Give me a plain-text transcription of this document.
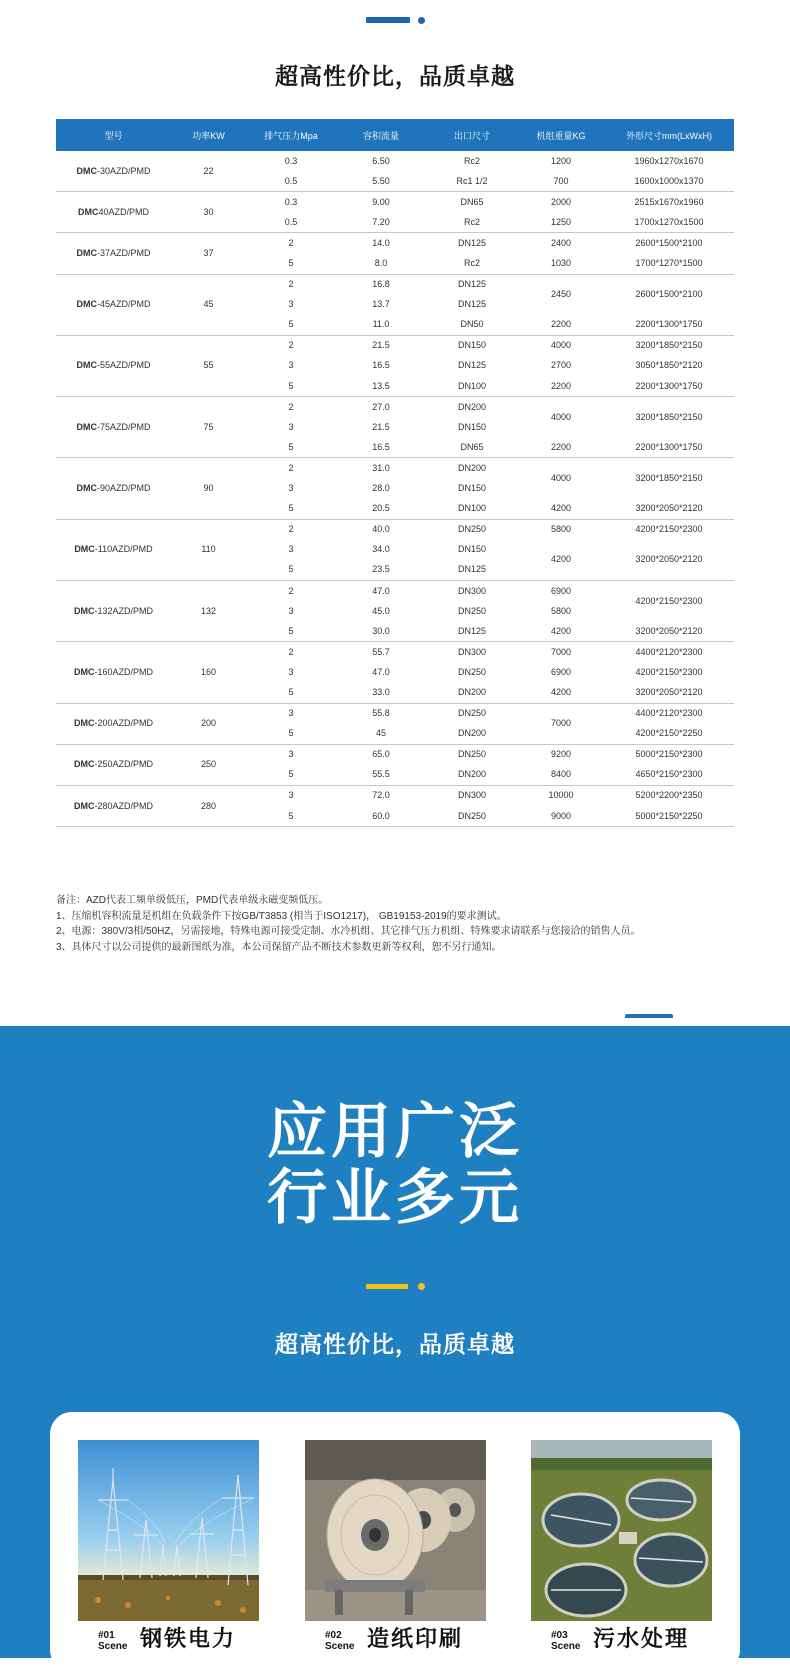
超高性价比，品质卓越
型号	功率KW	排气压力Mpa	容积流量	出口尺寸	机组重量KG	外形尺寸mm(LxWxH)
DMC-30AZD/PMD	22	0.3	6.50	Rc2	1200	1960x1270x1670
		0.5	5.50	Rc1 1/2	700	1600x1000x1370
DMC40AZD/PMD	30	0.3	9.00	DN65	2000	2515x1670x1960
		0.5	7.20	Rc2	1250	1700x1270x1500
DMC-37AZD/PMD	37	2	14.0	DN125	2400	2600*1500*2100
		5	8.0	Rc2	1030	1700*1270*1500
DMC-45AZD/PMD	45	2	16.8	DN125	2450	2600*1500*2100
		3	13.7	DN125		
		5	11.0	DN50	2200	2200*1300*1750
DMC-55AZD/PMD	55	2	21.5	DN150	4000	3200*1850*2150
		3	16.5	DN125	2700	3050*1850*2120
		5	13.5	DN100	2200	2200*1300*1750
DMC-75AZD/PMD	75	2	27.0	DN200	4000	3200*1850*2150
		3	21.5	DN150		
		5	16.5	DN65	2200	2200*1300*1750
DMC-90AZD/PMD	90	2	31.0	DN200	4000	3200*1850*2150
		3	28.0	DN150		
		5	20.5	DN100	4200	3200*2050*2120
DMC-110AZD/PMD	110	2	40.0	DN250	5800	4200*2150*2300
		3	34.0	DN150	4200	3200*2050*2120
		5	23.5	DN125		
DMC-132AZD/PMD	132	2	47.0	DN300	6900	4200*2150*2300
		3	45.0	DN250	5800	
		5	30.0	DN125	4200	3200*2050*2120
DMC-160AZD/PMD	160	2	55.7	DN300	7000	4400*2120*2300
		3	47.0	DN250	6900	4200*2150*2300
		5	33.0	DN200	4200	3200*2050*2120
DMC-200AZD/PMD	200	3	55.8	DN250	7000	4400*2120*2300
		5	45	DN200		4200*2150*2250
DMC-250AZD/PMD	250	3	65.0	DN250	9200	5000*2150*2300
		5	55.5	DN200	8400	4650*2150*2300
DMC-280AZD/PMD	280	3	72.0	DN300	10000	5200*2200*2350
		5	60.0	DN250	9000	5000*2150*2250
备注：AZD代表工频单级低压，PMD代表单级永磁变频低压。
1、压缩机容积流量是机组在负载条件下按GB/T3853 (相当于ISO1217)， GB19153-2019的要求测试。
2、电源：380V/3相/50HZ，另需接地，特殊电源可接受定制、水冷机组、其它排气压力机组、特殊要求请联系与您接洽的销售人员。
3、具体尺寸以公司提供的最新图纸为准，本公司保留产品不断技术参数更新等权利，恕不另行通知。
应用广泛
行业多元
超高性价比，品质卓越
#01
Scene 钢铁电力	#02
Scene 造纸印刷	#03
Scene 污水处理
